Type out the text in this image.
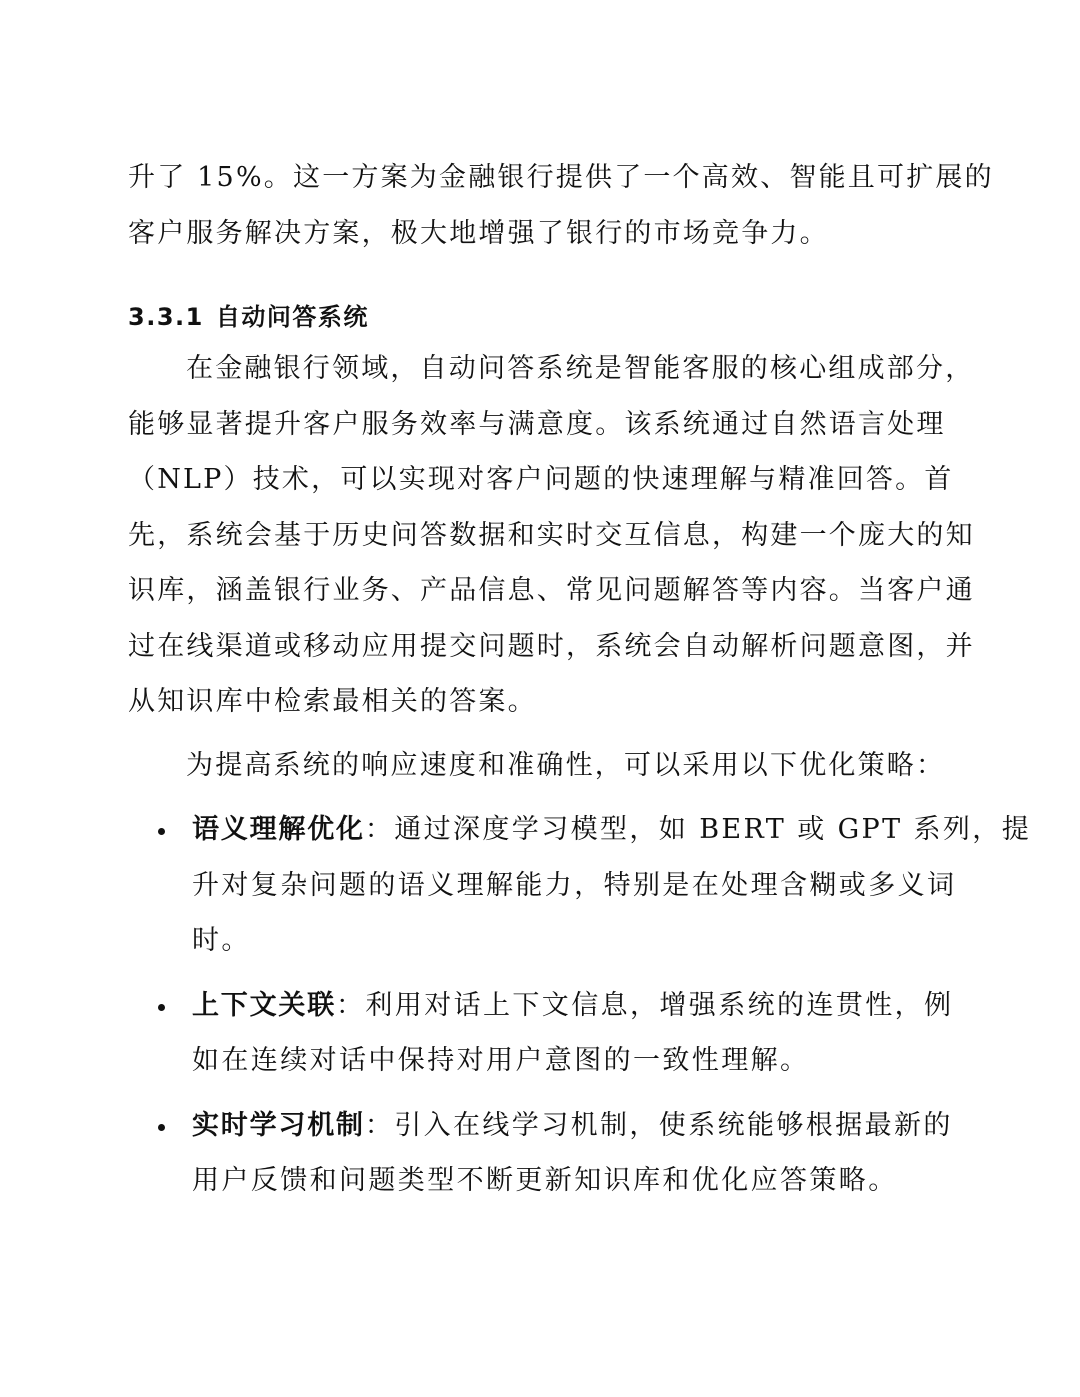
升了 15%。这一方案为金融银行提供了一个高效、智能且可扩展的
客户服务解决方案，极大地增强了银行的市场竞争力。
3.3.1 自动问答系统
在金融银行领域，自动问答系统是智能客服的核心组成部分，
能够显著提升客户服务效率与满意度。该系统通过自然语言处理
（NLP）技术，可以实现对客户问题的快速理解与精准回答。首
先，系统会基于历史问答数据和实时交互信息，构建一个庞大的知
识库，涵盖银行业务、产品信息、常见问题解答等内容。当客户通
过在线渠道或移动应用提交问题时，系统会自动解析问题意图，并
从知识库中检索最相关的答案。
为提高系统的响应速度和准确性，可以采用以下优化策略：
语义理解优化：通过深度学习模型，如 BERT 或 GPT 系列，提
升对复杂问题的语义理解能力，特别是在处理含糊或多义词
时。
上下文关联：利用对话上下文信息，增强系统的连贯性，例
如在连续对话中保持对用户意图的一致性理解。
实时学习机制：引入在线学习机制，使系统能够根据最新的
用户反馈和问题类型不断更新知识库和优化应答策略。
